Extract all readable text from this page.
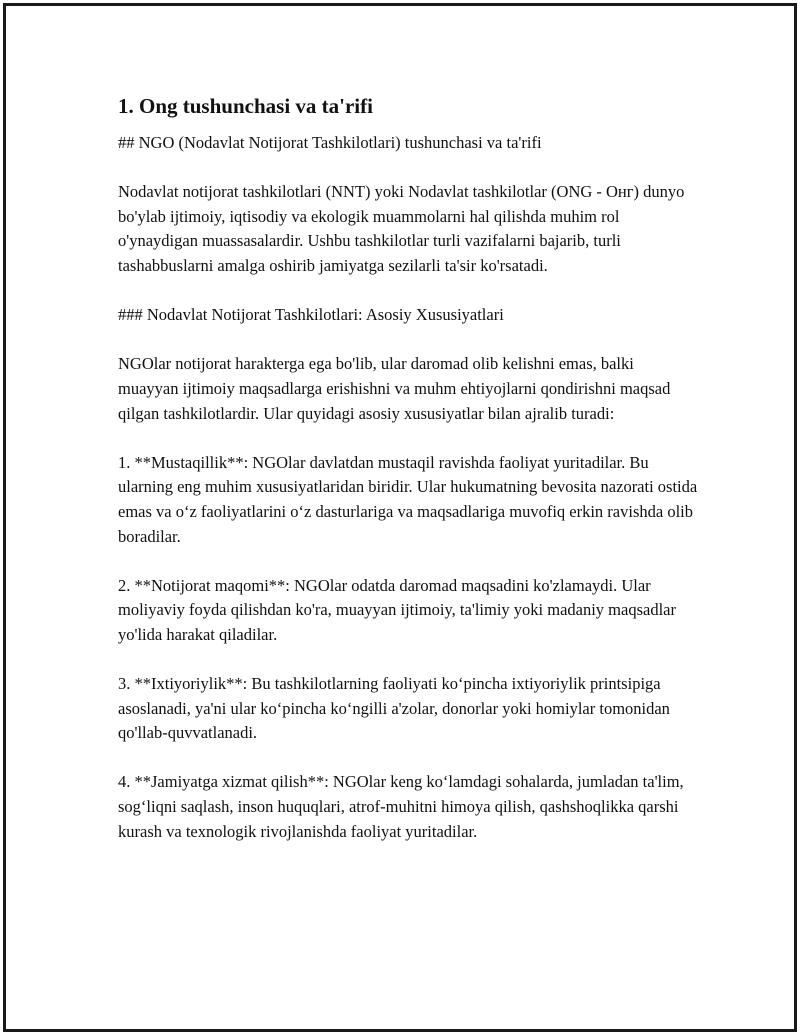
1. Ong tushunchasi va ta'rifi

## NGO (Nodavlat Notijorat Tashkilotlari) tushunchasi va ta'rifi

Nodavlat notijorat tashkilotlari (NNT) yoki Nodavlat tashkilotlar (ONG - Онг) dunyo bo'ylab ijtimoiy, iqtisodiy va ekologik muammolarni hal qilishda muhim rol o'ynaydigan muassasalardir. Ushbu tashkilotlar turli vazifalarni bajarib, turli tashabbuslarni amalga oshirib jamiyatga sezilarli ta'sir ko'rsatadi.

### Nodavlat Notijorat Tashkilotlari: Asosiy Xususiyatlari

NGOlar notijorat harakterga ega bo'lib, ular daromad olib kelishni emas, balki muayyan ijtimoiy maqsadlarga erishishni va muhm ehtiyojlarni qondirishni maqsad qilgan tashkilotlardir. Ular quyidagi asosiy xususiyatlar bilan ajralib turadi:

1. **Mustaqillik**: NGOlar davlatdan mustaqil ravishda faoliyat yuritadilar. Bu ularning eng muhim xususiyatlaridan biridir. Ular hukumatning bevosita nazorati ostida emas va o‘z faoliyatlarini o‘z dasturlariga va maqsadlariga muvofiq erkin ravishda olib boradilar.

2. **Notijorat maqomi**: NGOlar odatda daromad maqsadini ko'zlamaydi. Ular moliyaviy foyda qilishdan ko'ra, muayyan ijtimoiy, ta'limiy yoki madaniy maqsadlar yo'lida harakat qiladilar.

3. **Ixtiyoriylik**: Bu tashkilotlarning faoliyati ko‘pincha ixtiyoriylik printsipiga asoslanadi, ya'ni ular ko‘pincha ko‘ngilli a'zolar, donorlar yoki homiylar tomonidan qo'llab-quvvatlanadi.

4. **Jamiyatga xizmat qilish**: NGOlar keng ko‘lamdagi sohalarda, jumladan ta'lim, sog‘liqni saqlash, inson huquqlari, atrof-muhitni himoya qilish, qashshoqlikka qarshi kurash va texnologik rivojlanishda faoliyat yuritadilar.
